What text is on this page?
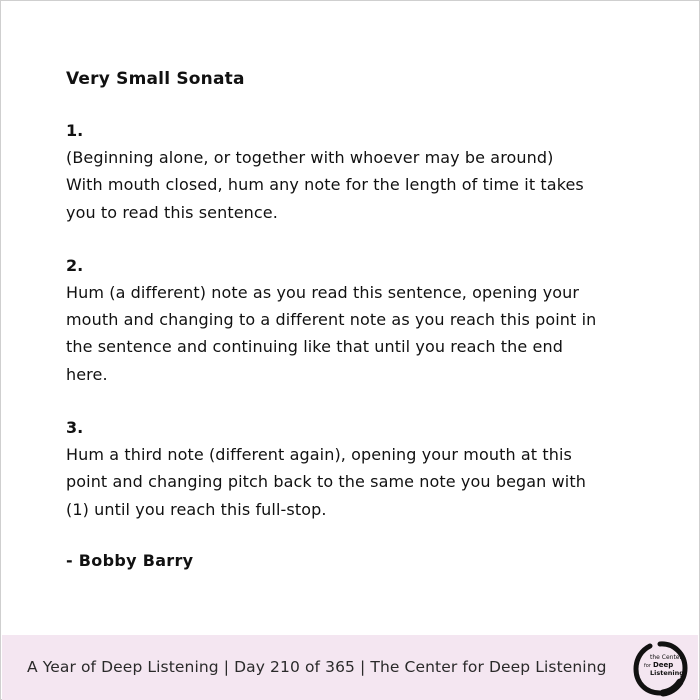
Very Small Sonata
1.
(Beginning alone, or together with whoever may be around)
With mouth closed, hum any note for the length of time it takes
you to read this sentence.
2.
Hum (a different) note as you read this sentence, opening your
mouth and changing to a different note as you reach this point in
the sentence and continuing like that until you reach the end
here.
3.
Hum a third note (different again), opening your mouth at this
point and changing pitch back to the same note you began with
(1) until you reach this full-stop.
- Bobby Barry
A Year of Deep Listening | Day 210 of 365 | The Center for Deep Listening
the Center
for Deep
Listening
